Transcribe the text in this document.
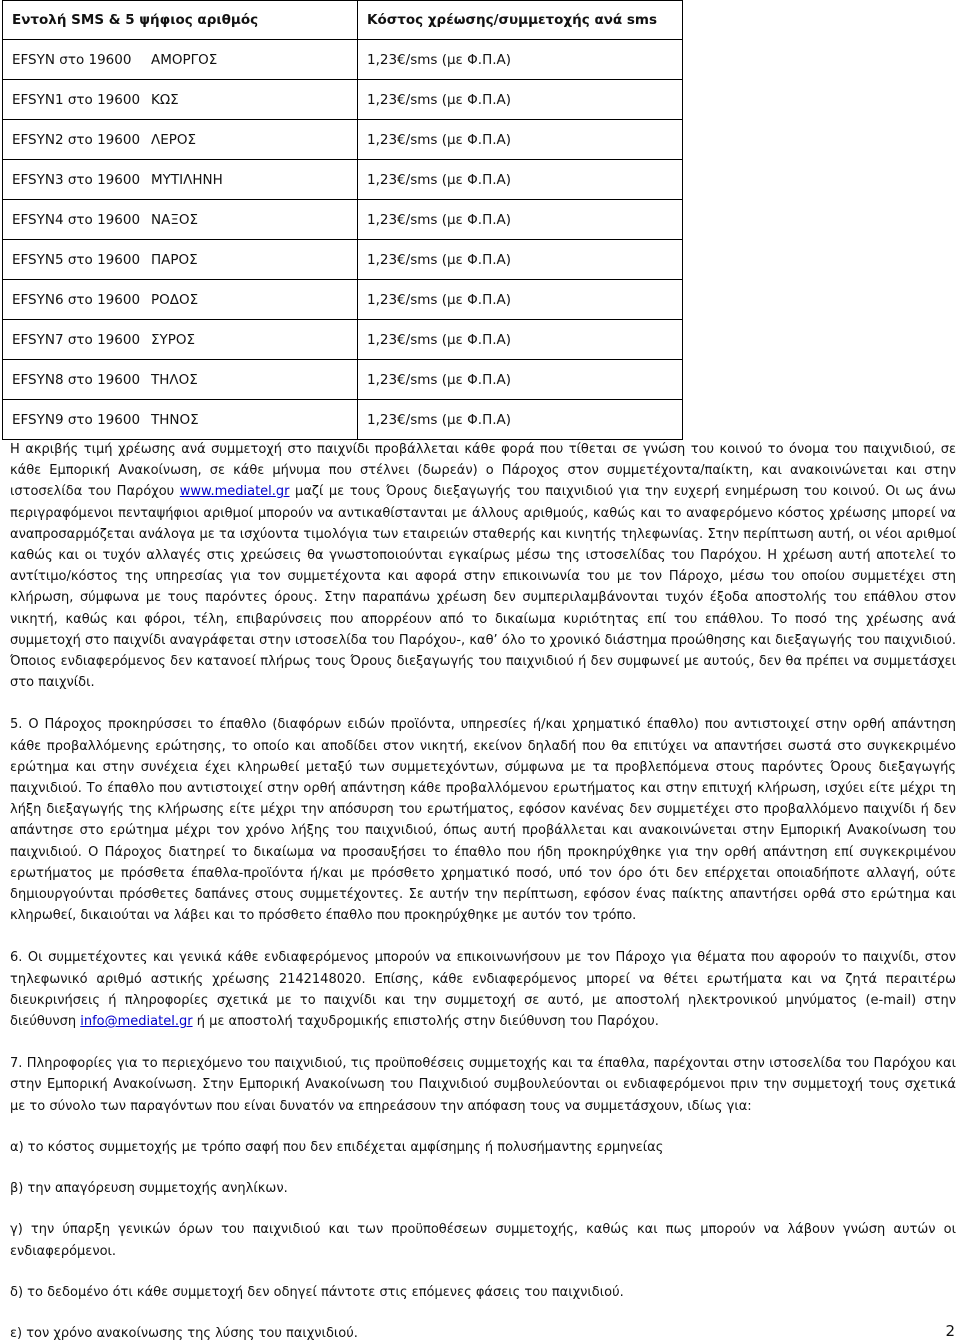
Εντολή SMS & 5 ψήφιος αριθμός	Κόστος χρέωσης/συμμετοχής ανά sms
EFSYN στο 19600 ΑΜΟΡΓΟΣ	1,23€/sms (με Φ.Π.Α)
EFSYN1 στο 19600 ΚΩΣ	1,23€/sms (με Φ.Π.Α)
EFSYN2 στο 19600 ΛΕΡΟΣ	1,23€/sms (με Φ.Π.Α)
EFSYN3 στο 19600 ΜΥΤΙΛΗΝΗ	1,23€/sms (με Φ.Π.Α)
EFSYN4 στο 19600 ΝΑΞΟΣ	1,23€/sms (με Φ.Π.Α)
EFSYN5 στο 19600 ΠΑΡΟΣ	1,23€/sms (με Φ.Π.Α)
EFSYN6 στο 19600 ΡΟΔΟΣ	1,23€/sms (με Φ.Π.Α)
EFSYN7 στο 19600 ΣΥΡΟΣ	1,23€/sms (με Φ.Π.Α)
EFSYN8 στο 19600 ΤΗΛΟΣ	1,23€/sms (με Φ.Π.Α)
EFSYN9 στο 19600 ΤΗΝΟΣ	1,23€/sms (με Φ.Π.Α)

Η ακριβής τιμή χρέωσης ανά συμμετοχή στο παιχνίδι προβάλλεται κάθε φορά που τίθεται σε γνώση του κοινού το όνομα του παιχνιδιού, σε κάθε Εμπορική Ανακοίνωση, σε κάθε μήνυμα που στέλνει (δωρεάν) ο Πάροχος στον συμμετέχοντα/παίκτη, και ανακοινώνεται και στην ιστοσελίδα του Παρόχου www.mediatel.gr μαζί με τους Όρους διεξαγωγής του παιχνιδιού για την ευχερή ενημέρωση του κοινού. Οι ως άνω περιγραφόμενοι πενταψήφιοι αριθμοί μπορούν να αντικαθίστανται με άλλους αριθμούς, καθώς και το αναφερόμενο κόστος χρέωσης μπορεί να αναπροσαρμόζεται ανάλογα με τα ισχύοντα τιμολόγια των εταιρειών σταθερής και κινητής τηλεφωνίας. Στην περίπτωση αυτή, οι νέοι αριθμοί καθώς και οι τυχόν αλλαγές στις χρεώσεις θα γνωστοποιούνται εγκαίρως μέσω της ιστοσελίδας του Παρόχου. Η χρέωση αυτή αποτελεί το αντίτιμο/κόστος της υπηρεσίας για τον συμμετέχοντα και αφορά στην επικοινωνία του με τον Πάροχο, μέσω του οποίου συμμετέχει στη κλήρωση, σύμφωνα με τους παρόντες όρους. Στην παραπάνω χρέωση δεν συμπεριλαμβάνονται τυχόν έξοδα αποστολής του επάθλου στον νικητή, καθώς και φόροι, τέλη, επιβαρύνσεις που απορρέουν από το δικαίωμα κυριότητας επί του επάθλου. Το ποσό της χρέωσης ανά συμμετοχή στο παιχνίδι αναγράφεται στην ιστοσελίδα του Παρόχου-, καθ’ όλο το χρονικό διάστημα προώθησης και διεξαγωγής του παιχνιδιού. Όποιος ενδιαφερόμενος δεν κατανοεί πλήρως τους Όρους διεξαγωγής του παιχνιδιού ή δεν συμφωνεί με αυτούς, δεν θα πρέπει να συμμετάσχει στο παιχνίδι.

5. Ο Πάροχος προκηρύσσει το έπαθλο (διαφόρων ειδών προϊόντα, υπηρεσίες ή/και χρηματικό έπαθλο) που αντιστοιχεί στην ορθή απάντηση κάθε προβαλλόμενης ερώτησης, το οποίο και αποδίδει στον νικητή, εκείνον δηλαδή που θα επιτύχει να απαντήσει σωστά στο συγκεκριμένο ερώτημα και στην συνέχεια έχει κληρωθεί μεταξύ των συμμετεχόντων, σύμφωνα με τα προβλεπόμενα στους παρόντες Όρους διεξαγωγής παιχνιδιού. Το έπαθλο που αντιστοιχεί στην ορθή απάντηση κάθε προβαλλόμενου ερωτήματος και στην επιτυχή κλήρωση, ισχύει είτε μέχρι τη λήξη διεξαγωγής της κλήρωσης είτε μέχρι την απόσυρση του ερωτήματος, εφόσον κανένας δεν συμμετέχει στο προβαλλόμενο παιχνίδι ή δεν απάντησε στο ερώτημα μέχρι τον χρόνο λήξης του παιχνιδιού, όπως αυτή προβάλλεται και ανακοινώνεται στην Εμπορική Ανακοίνωση του παιχνιδιού. Ο Πάροχος διατηρεί το δικαίωμα να προσαυξήσει το έπαθλο που ήδη προκηρύχθηκε για την ορθή απάντηση επί συγκεκριμένου ερωτήματος με πρόσθετα έπαθλα-προϊόντα ή/και με πρόσθετο χρηματικό ποσό, υπό τον όρο ότι δεν επέρχεται οποιαδήποτε αλλαγή, ούτε δημιουργούνται πρόσθετες δαπάνες στους συμμετέχοντες. Σε αυτήν την περίπτωση, εφόσον ένας παίκτης απαντήσει ορθά στο ερώτημα και κληρωθεί, δικαιούται να λάβει και το πρόσθετο έπαθλο που προκηρύχθηκε με αυτόν τον τρόπο.

6. Οι συμμετέχοντες και γενικά κάθε ενδιαφερόμενος μπορούν να επικοινωνήσουν με τον Πάροχο για θέματα που αφορούν το παιχνίδι, στον τηλεφωνικό αριθμό αστικής χρέωσης 2142148020. Επίσης, κάθε ενδιαφερόμενος μπορεί να θέτει ερωτήματα και να ζητά περαιτέρω διευκρινήσεις ή πληροφορίες σχετικά με το παιχνίδι και την συμμετοχή σε αυτό, με αποστολή ηλεκτρονικού μηνύματος (e-mail) στην διεύθυνση info@mediatel.gr ή με αποστολή ταχυδρομικής επιστολής στην διεύθυνση του Παρόχου.

7. Πληροφορίες για το περιεχόμενο του παιχνιδιού, τις προϋποθέσεις συμμετοχής και τα έπαθλα, παρέχονται στην ιστοσελίδα του Παρόχου και στην Εμπορική Ανακοίνωση. Στην Εμπορική Ανακοίνωση του Παιχνιδιού συμβουλεύονται οι ενδιαφερόμενοι πριν την συμμετοχή τους σχετικά με το σύνολο των παραγόντων που είναι δυνατόν να επηρεάσουν την απόφαση τους να συμμετάσχουν, ιδίως για:

α) το κόστος συμμετοχής με τρόπο σαφή που δεν επιδέχεται αμφίσημης ή πολυσήμαντης ερμηνείας

β) την απαγόρευση συμμετοχής ανηλίκων.

γ) την ύπαρξη γενικών όρων του παιχνιδιού και των προϋποθέσεων συμμετοχής, καθώς και πως μπορούν να λάβουν γνώση αυτών οι ενδιαφερόμενοι.

δ) το δεδομένο ότι κάθε συμμετοχή δεν οδηγεί πάντοτε στις επόμενες φάσεις του παιχνιδιού.

ε) τον χρόνο ανακοίνωσης της λύσης του παιχνιδιού.	2
